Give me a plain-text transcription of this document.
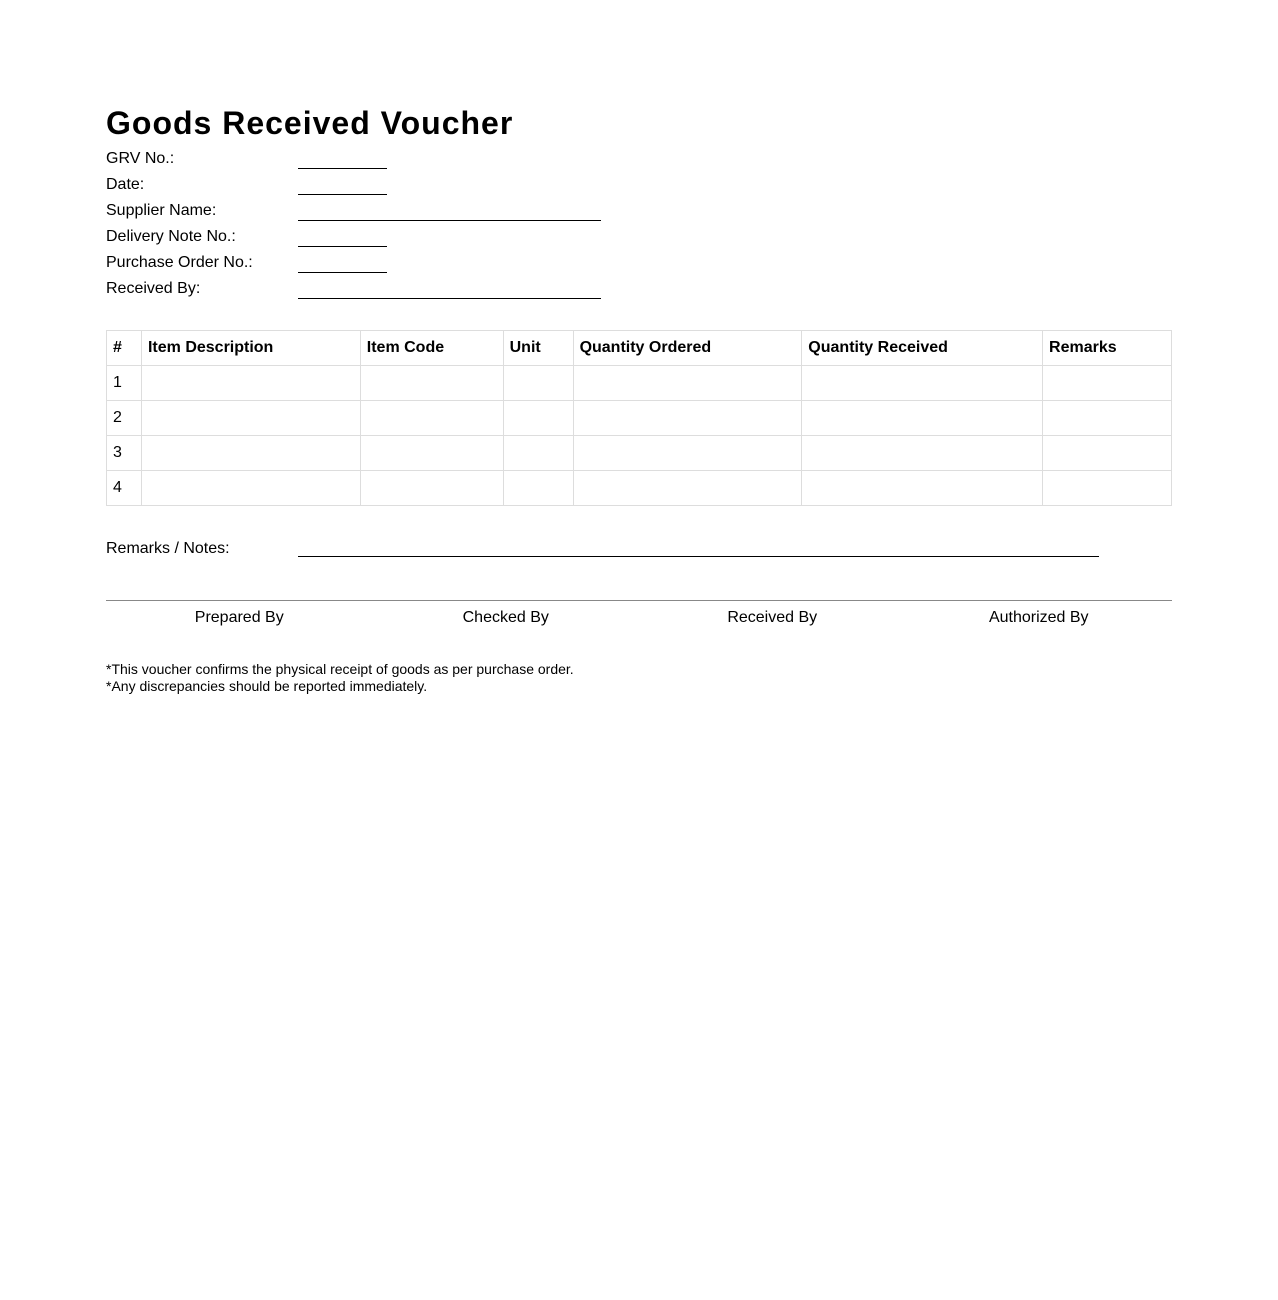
Goods Received Voucher
GRV No.:
Date:
Supplier Name:
Delivery Note No.:
Purchase Order No.:
Received By:
#	Item Description	Item Code	Unit	Quantity Ordered	Quantity Received	Remarks
1						
2						
3						
4						
Remarks / Notes:
Prepared By	Checked By	Received By	Authorized By
*This voucher confirms the physical receipt of goods as per purchase order.
*Any discrepancies should be reported immediately.
